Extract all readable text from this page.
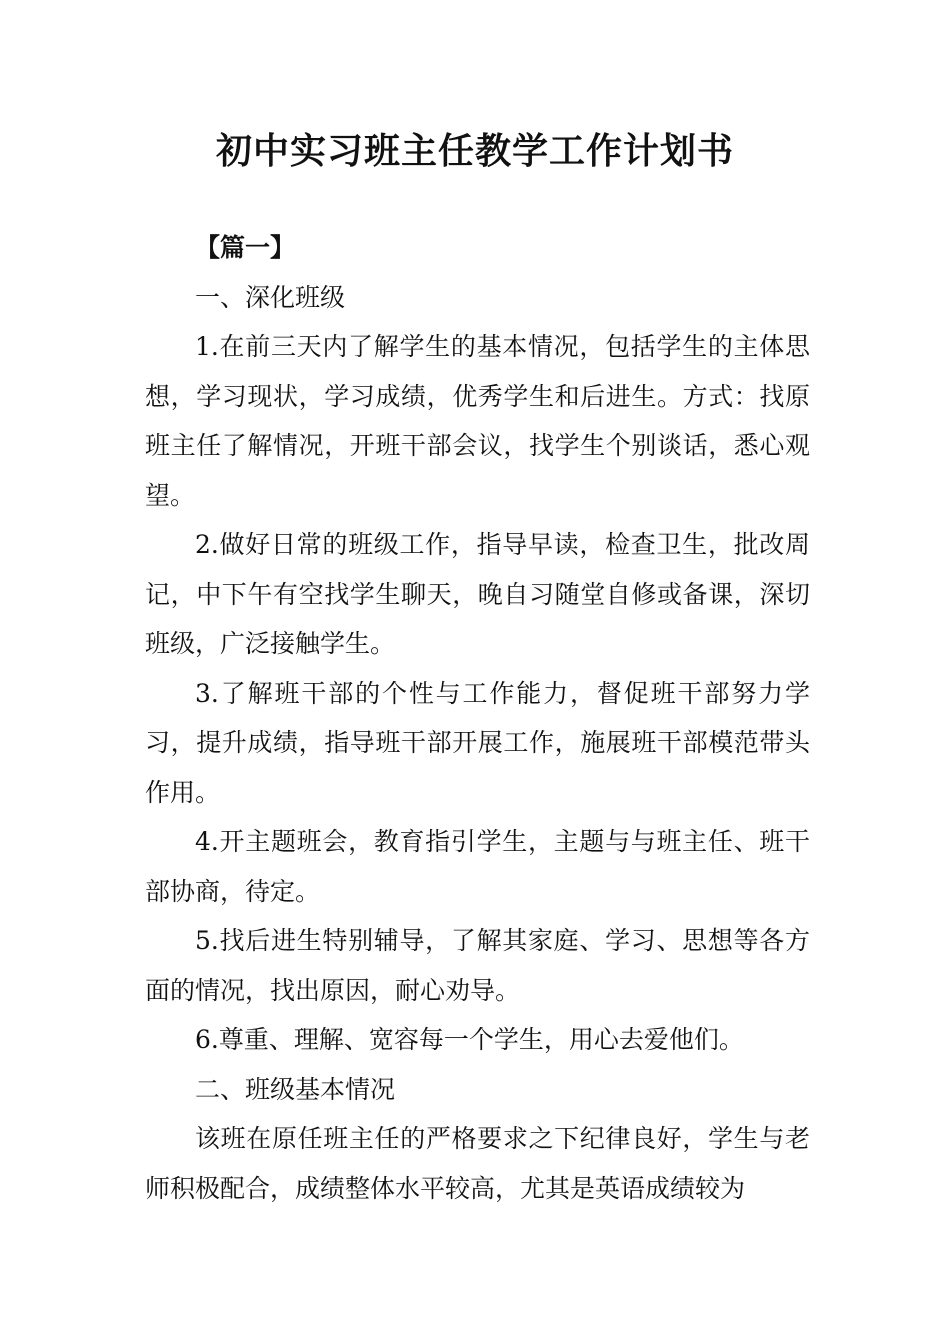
初中实习班主任教学工作计划书

【篇一】

一、深化班级

1.在前三天内了解学生的基本情况，包括学生的主体思想，学习现状，学习成绩，优秀学生和后进生。方式：找原班主任了解情况，开班干部会议，找学生个别谈话，悉心观望。

2.做好日常的班级工作，指导早读，检查卫生，批改周记，中下午有空找学生聊天，晚自习随堂自修或备课，深切班级，广泛接触学生。

3.了解班干部的个性与工作能力，督促班干部努力学习，提升成绩，指导班干部开展工作，施展班干部模范带头作用。

4.开主题班会，教育指引学生，主题与与班主任、班干部协商，待定。

5.找后进生特别辅导，了解其家庭、学习、思想等各方面的情况，找出原因，耐心劝导。

6.尊重、理解、宽容每一个学生，用心去爱他们。

二、班级基本情况

该班在原任班主任的严格要求之下纪律良好，学生与老师积极配合，成绩整体水平较高，尤其是英语成绩较为
